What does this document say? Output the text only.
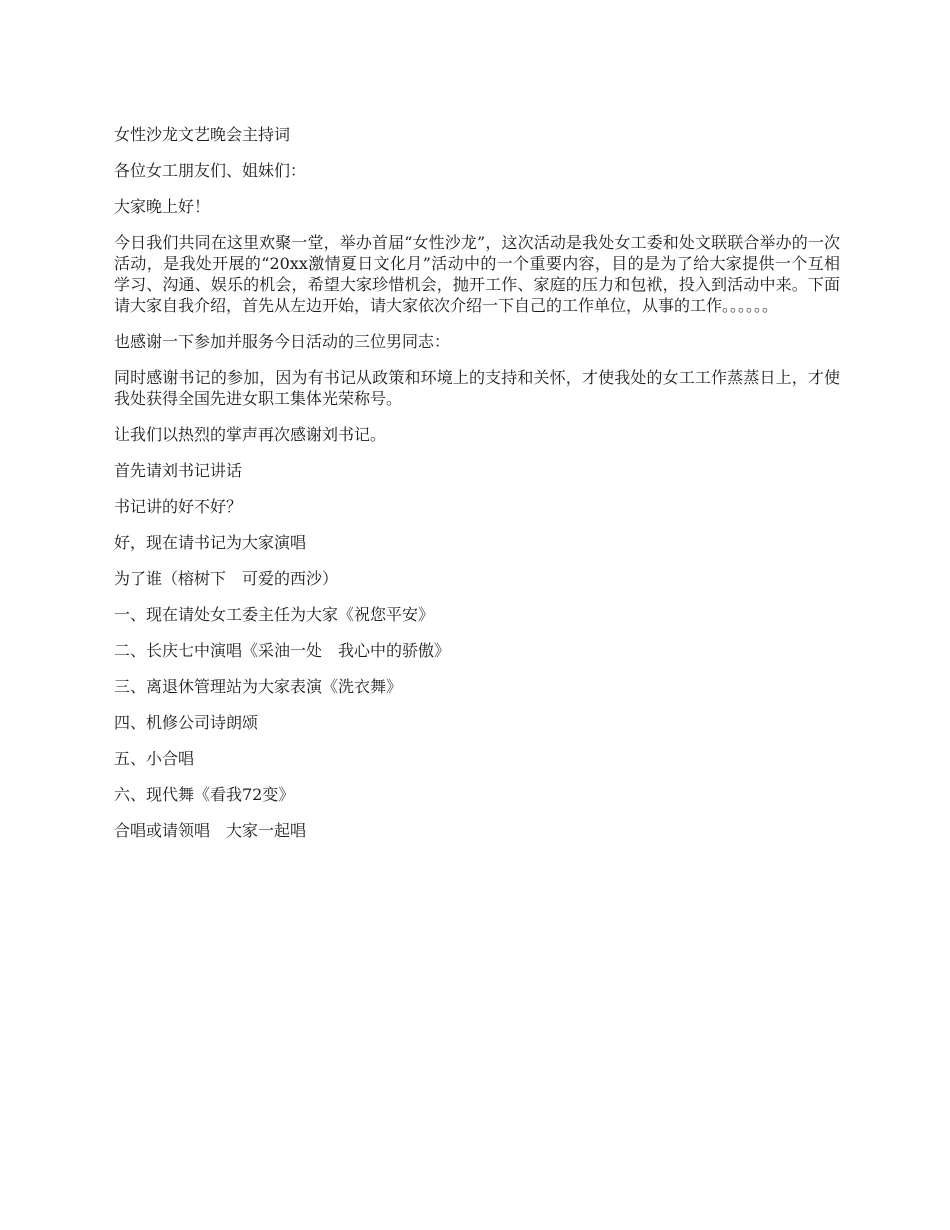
女性沙龙文艺晚会主持词

各位女工朋友们、姐妹们：

大家晚上好！

今日我们共同在这里欢聚一堂，举办首届“女性沙龙”，这次活动是我处女工委和处文联联合举办的一次活动，是我处开展的“20xx激情夏日文化月”活动中的一个重要内容，目的是为了给大家提供一个互相学习、沟通、娱乐的机会，希望大家珍惜机会，抛开工作、家庭的压力和包袱，投入到活动中来。下面请大家自我介绍，首先从左边开始，请大家依次介绍一下自己的工作单位，从事的工作。。。。。。

也感谢一下参加并服务今日活动的三位男同志：

同时感谢书记的参加，因为有书记从政策和环境上的支持和关怀，才使我处的女工工作蒸蒸日上，才使我处获得全国先进女职工集体光荣称号。

让我们以热烈的掌声再次感谢刘书记。

首先请刘书记讲话

书记讲的好不好？

好，现在请书记为大家演唱

为了谁（榕树下　可爱的西沙）

一、现在请处女工委主任为大家《祝您平安》

二、长庆七中演唱《采油一处　我心中的骄傲》

三、离退休管理站为大家表演《洗衣舞》

四、机修公司诗朗颂

五、小合唱

六、现代舞《看我72变》

合唱或请领唱　大家一起唱
